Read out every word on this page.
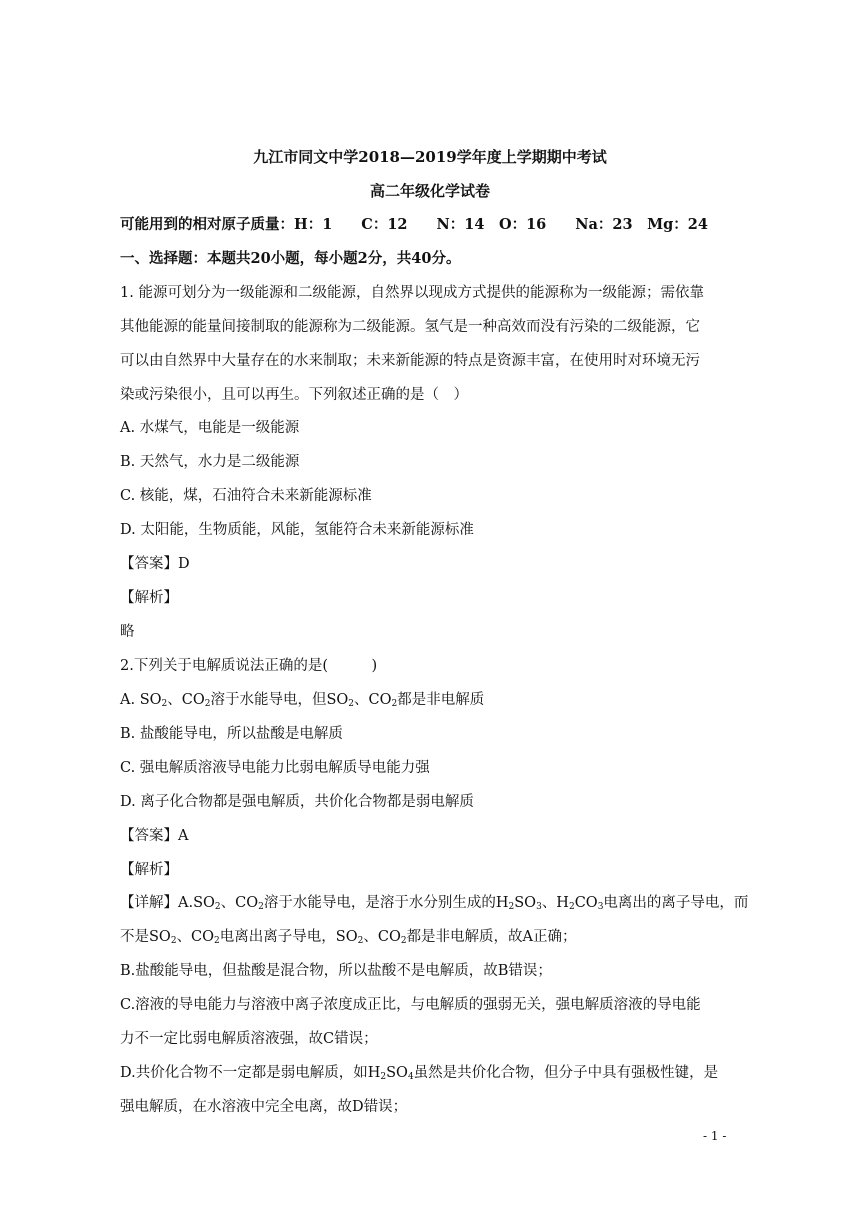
九江市同文中学2018—2019学年度上学期期中考试
高二年级化学试卷
可能用到的相对原子质量：H：1　　C：12　　N：14　O：16　　Na：23　Mg：24
一、选择题：本题共20小题，每小题2分，共40分。
1. 能源可划分为一级能源和二级能源，自然界以现成方式提供的能源称为一级能源；需依靠
其他能源的能量间接制取的能源称为二级能源。氢气是一种高效而没有污染的二级能源，它
可以由自然界中大量存在的水来制取；未来新能源的特点是资源丰富，在使用时对环境无污
染或污染很小，且可以再生。下列叙述正确的是（　）
A. 水煤气，电能是一级能源
B. 天然气，水力是二级能源
C. 核能，煤，石油符合未来新能源标准
D. 太阳能，生物质能，风能，氢能符合未来新能源标准
【答案】D
【解析】
略
2.下列关于电解质说法正确的是(　　　)
A. $SO_2$、$CO_2$溶于水能导电，但$SO_2$、$CO_2$都是非电解质
B. 盐酸能导电，所以盐酸是电解质
C. 强电解质溶液导电能力比弱电解质导电能力强
D. 离子化合物都是强电解质，共价化合物都是弱电解质
【答案】A
【解析】
【详解】$A.SO_2$、$CO_2$溶于水能导电，是溶于水分别生成的$H_2SO_3$、$H_2CO_3$电离出的离子导电，而
不是$SO_2$、$CO_2$电离出离子导电，$SO_2$、$CO_2$都是非电解质，故A正确；
B.盐酸能导电，但盐酸是混合物，所以盐酸不是电解质，故B错误；
C.溶液的导电能力与溶液中离子浓度成正比，与电解质的强弱无关，强电解质溶液的导电能
力不一定比弱电解质溶液强，故C错误；
D.共价化合物不一定都是弱电解质，如$H_2SO_4$虽然是共价化合物，但分子中具有强极性键，是
强电解质，在水溶液中完全电离，故D错误；
- 1 -
